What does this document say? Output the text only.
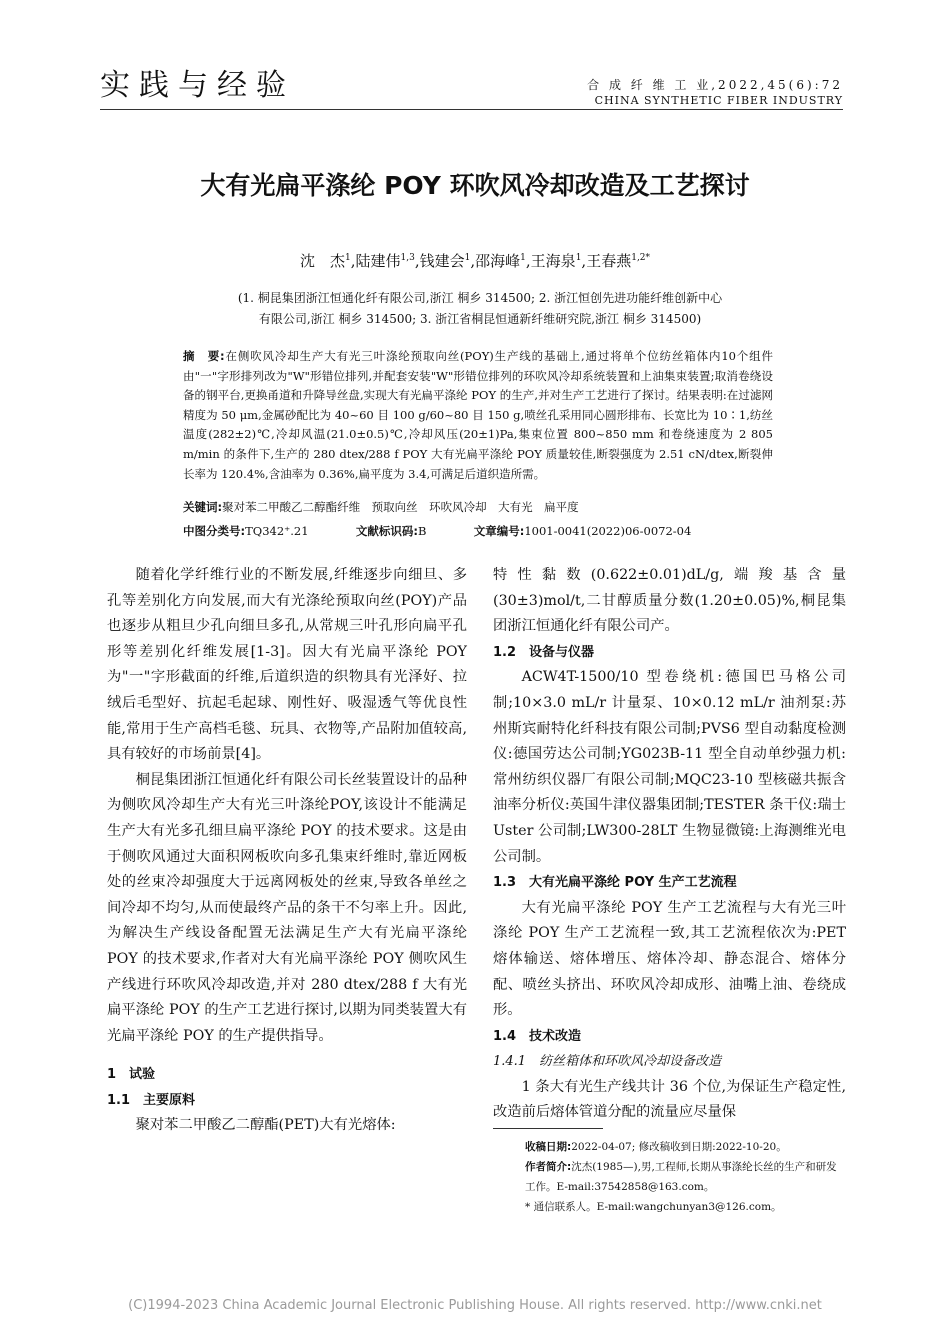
实践与经验	合 成 纤 维 工 业,2022,45(6):72
CHINA SYNTHETIC FIBER INDUSTRY
大有光扁平涤纶 POY 环吹风冷却改造及工艺探讨
沈　杰$^1$,陆建伟$^{1,3}$,钱建会$^1$,邵海峰$^1$,王海泉$^1$,王春燕$^{1,2*}$
(1. 桐昆集团浙江恒通化纤有限公司,浙江 桐乡 314500; 2. 浙江恒创先进功能纤维创新中心
有限公司,浙江 桐乡 314500; 3. 浙江省桐昆恒通新纤维研究院,浙江 桐乡 314500)
摘　要:在侧吹风冷却生产大有光三叶涤纶预取向丝(POY)生产线的基础上,通过将单个位纺丝箱体内10个组件由"一"字形排列改为"W"形错位排列,并配套安装"W"形错位排列的环吹风冷却系统装置和上油集束装置;取消卷绕设备的钢平台,更换甬道和升降导丝盘,实现大有光扁平涤纶 POY 的生产,并对生产工艺进行了探讨。结果表明:在过滤网精度为 50 μm,金属砂配比为 40~60 目 100 g/60~80 目 150 g,喷丝孔采用同心圆形排布、长宽比为 10∶1,纺丝温度(282±2)℃,冷却风温(21.0±0.5)℃,冷却风压(20±1)Pa,集束位置 800~850 mm 和卷绕速度为 2 805 m/min 的条件下,生产的 280 dtex/288 f POY 大有光扁平涤纶 POY 质量较佳,断裂强度为 2.51 cN/dtex,断裂伸长率为 120.4%,含油率为 0.36%,扁平度为 3.4,可满足后道织造所需。
关键词:聚对苯二甲酸乙二醇酯纤维　预取向丝　环吹风冷却　大有光　扁平度
中图分类号:TQ342⁺.21	文献标识码:B	文章编号:1001-0041(2022)06-0072-04

随着化学纤维行业的不断发展,纤维逐步向细旦、多孔等差别化方向发展,而大有光涤纶预取向丝(POY)产品也逐步从粗旦少孔向细旦多孔,从常规三叶孔形向扁平孔形等差别化纤维发展[1-3]。因大有光扁平涤纶 POY 为"一"字形截面的纤维,后道织造的织物具有光泽好、拉绒后毛型好、抗起毛起球、刚性好、吸湿透气等优良性能,常用于生产高档毛毯、玩具、衣物等,产品附加值较高,具有较好的市场前景[4]。

桐昆集团浙江恒通化纤有限公司长丝装置设计的品种为侧吹风冷却生产大有光三叶涤纶POY,该设计不能满足生产大有光多孔细旦扁平涤纶 POY 的技术要求。这是由于侧吹风通过大面积网板吹向多孔集束纤维时,靠近网板处的丝束冷却强度大于远离网板处的丝束,导致各单丝之间冷却不均匀,从而使最终产品的条干不匀率上升。因此,为解决生产线设备配置无法满足生产大有光扁平涤纶 POY 的技术要求,作者对大有光扁平涤纶 POY 侧吹风生产线进行环吹风冷却改造,并对 280 dtex/288 f 大有光扁平涤纶 POY 的生产工艺进行探讨,以期为同类装置大有光扁平涤纶 POY 的生产提供指导。

1　试验
1.1　主要原料

聚对苯二甲酸乙二醇酯(PET)大有光熔体:

特性黏数(0.622±0.01)dL/g,端羧基含量(30±3)mol/t,二甘醇质量分数(1.20±0.05)%,桐昆集团浙江恒通化纤有限公司产。

1.2　设备与仪器

ACW4T-1500/10 型卷绕机:德国巴马格公司制;10×3.0 mL/r 计量泵、10×0.12 mL/r 油剂泵:苏州斯宾耐特化纤科技有限公司制;PVS6 型自动黏度检测仪:德国劳达公司制;YG023B-11 型全自动单纱强力机:常州纺织仪器厂有限公司制;MQC23-10 型核磁共振含油率分析仪:英国牛津仪器集团制;TESTER 条干仪:瑞士 Uster 公司制;LW300-28LT 生物显微镜:上海测维光电公司制。

1.3　大有光扁平涤纶 POY 生产工艺流程

大有光扁平涤纶 POY 生产工艺流程与大有光三叶涤纶 POY 生产工艺流程一致,其工艺流程依次为:PET 熔体输送、熔体增压、熔体冷却、静态混合、熔体分配、喷丝头挤出、环吹风冷却成形、油嘴上油、卷绕成形。

1.4　技术改造
1.4.1　纺丝箱体和环吹风冷却设备改造

1 条大有光生产线共计 36 个位,为保证生产稳定性,改造前后熔体管道分配的流量应尽量保

收稿日期:2022-04-07; 修改稿收到日期:2022-10-20。

作者简介:沈杰(1985—),男,工程师,长期从事涤纶长丝的生产和研发工作。E-mail:37542858@163.com。

* 通信联系人。E-mail:wangchunyan3@126.com。

(C)1994-2023 China Academic Journal Electronic Publishing House. All rights reserved. http://www.cnki.net
